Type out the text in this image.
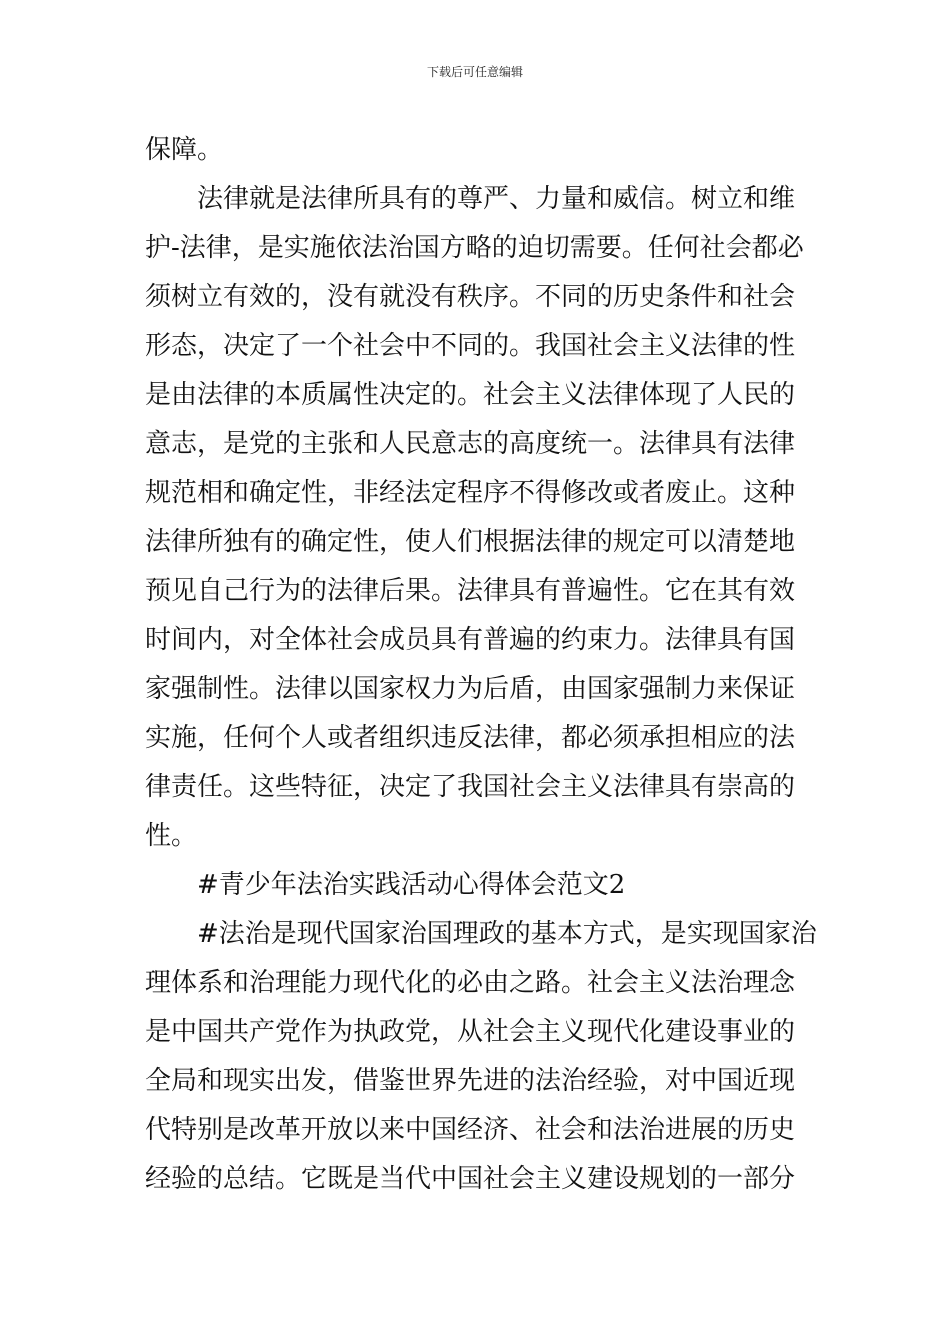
下载后可任意编辑
保障。
法律就是法律所具有的尊严、力量和威信。树立和维
护-法律，是实施依法治国方略的迫切需要。任何社会都必
须树立有效的，没有就没有秩序。不同的历史条件和社会
形态，决定了一个社会中不同的。我国社会主义法律的性
是由法律的本质属性决定的。社会主义法律体现了人民的
意志，是党的主张和人民意志的高度统一。法律具有法律
规范相和确定性，非经法定程序不得修改或者废止。这种
法律所独有的确定性，使人们根据法律的规定可以清楚地
预见自己行为的法律后果。法律具有普遍性。它在其有效
时间内，对全体社会成员具有普遍的约束力。法律具有国
家强制性。法律以国家权力为后盾，由国家强制力来保证
实施，任何个人或者组织违反法律，都必须承担相应的法
律责任。这些特征，决定了我国社会主义法律具有崇高的
性。
#青少年法治实践活动心得体会范文2
#法治是现代国家治国理政的基本方式，是实现国家治
理体系和治理能力现代化的必由之路。社会主义法治理念
是中国共产党作为执政党，从社会主义现代化建设事业的
全局和现实出发，借鉴世界先进的法治经验，对中国近现
代特别是改革开放以来中国经济、社会和法治进展的历史
经验的总结。它既是当代中国社会主义建设规划的一部分
